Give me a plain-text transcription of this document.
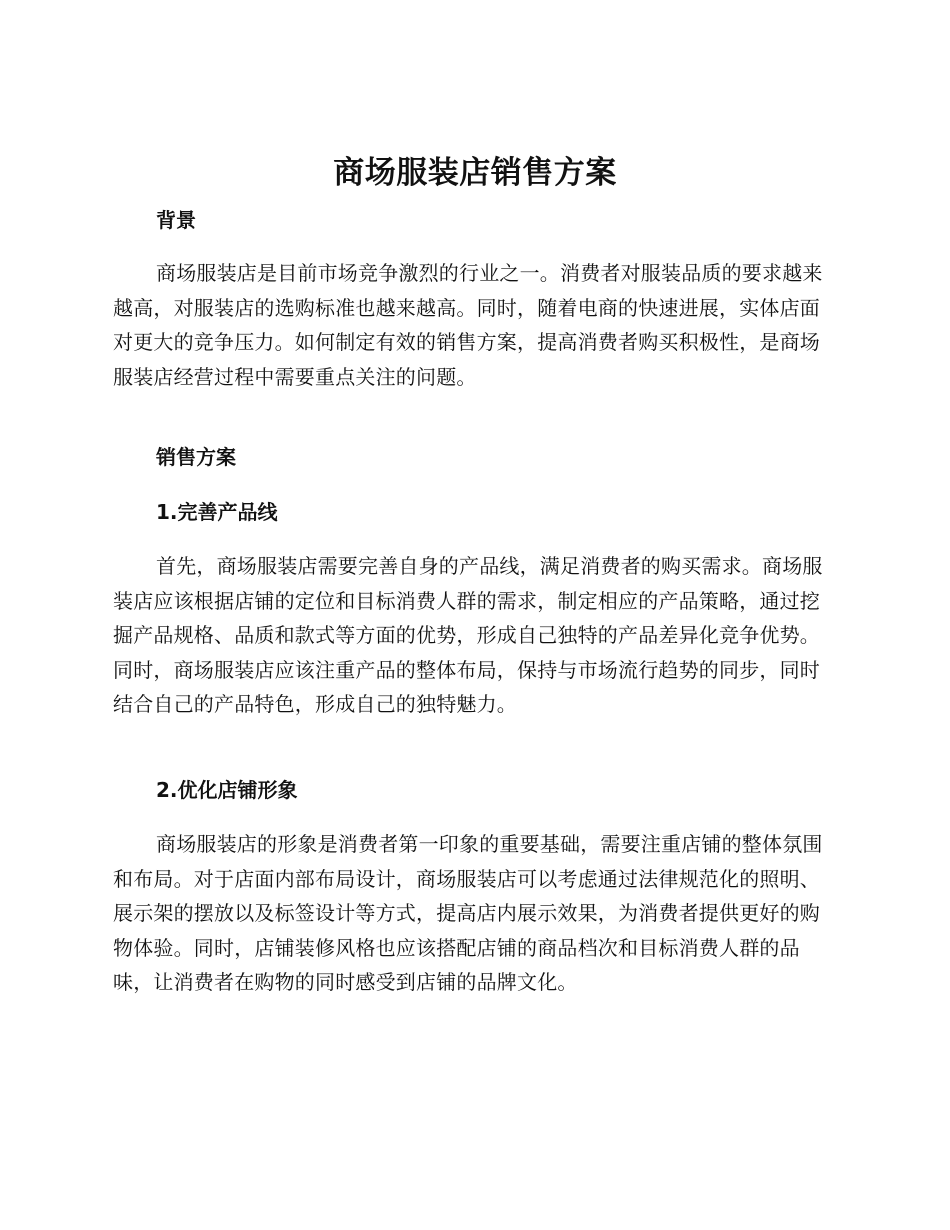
商场服装店销售方案
背景

商场服装店是目前市场竞争激烈的行业之一。消费者对服装品质的要求越来越高，对服装店的选购标准也越来越高。同时，随着电商的快速进展，实体店面对更大的竞争压力。如何制定有效的销售方案，提高消费者购买积极性，是商场服装店经营过程中需要重点关注的问题。

销售方案
1.完善产品线

首先，商场服装店需要完善自身的产品线，满足消费者的购买需求。商场服装店应该根据店铺的定位和目标消费人群的需求，制定相应的产品策略，通过挖掘产品规格、品质和款式等方面的优势，形成自己独特的产品差异化竞争优势。同时，商场服装店应该注重产品的整体布局，保持与市场流行趋势的同步，同时结合自己的产品特色，形成自己的独特魅力。

2.优化店铺形象

商场服装店的形象是消费者第一印象的重要基础，需要注重店铺的整体氛围和布局。对于店面内部布局设计，商场服装店可以考虑通过法律规范化的照明、展示架的摆放以及标签设计等方式，提高店内展示效果，为消费者提供更好的购物体验。同时，店铺装修风格也应该搭配店铺的商品档次和目标消费人群的品味，让消费者在购物的同时感受到店铺的品牌文化。
